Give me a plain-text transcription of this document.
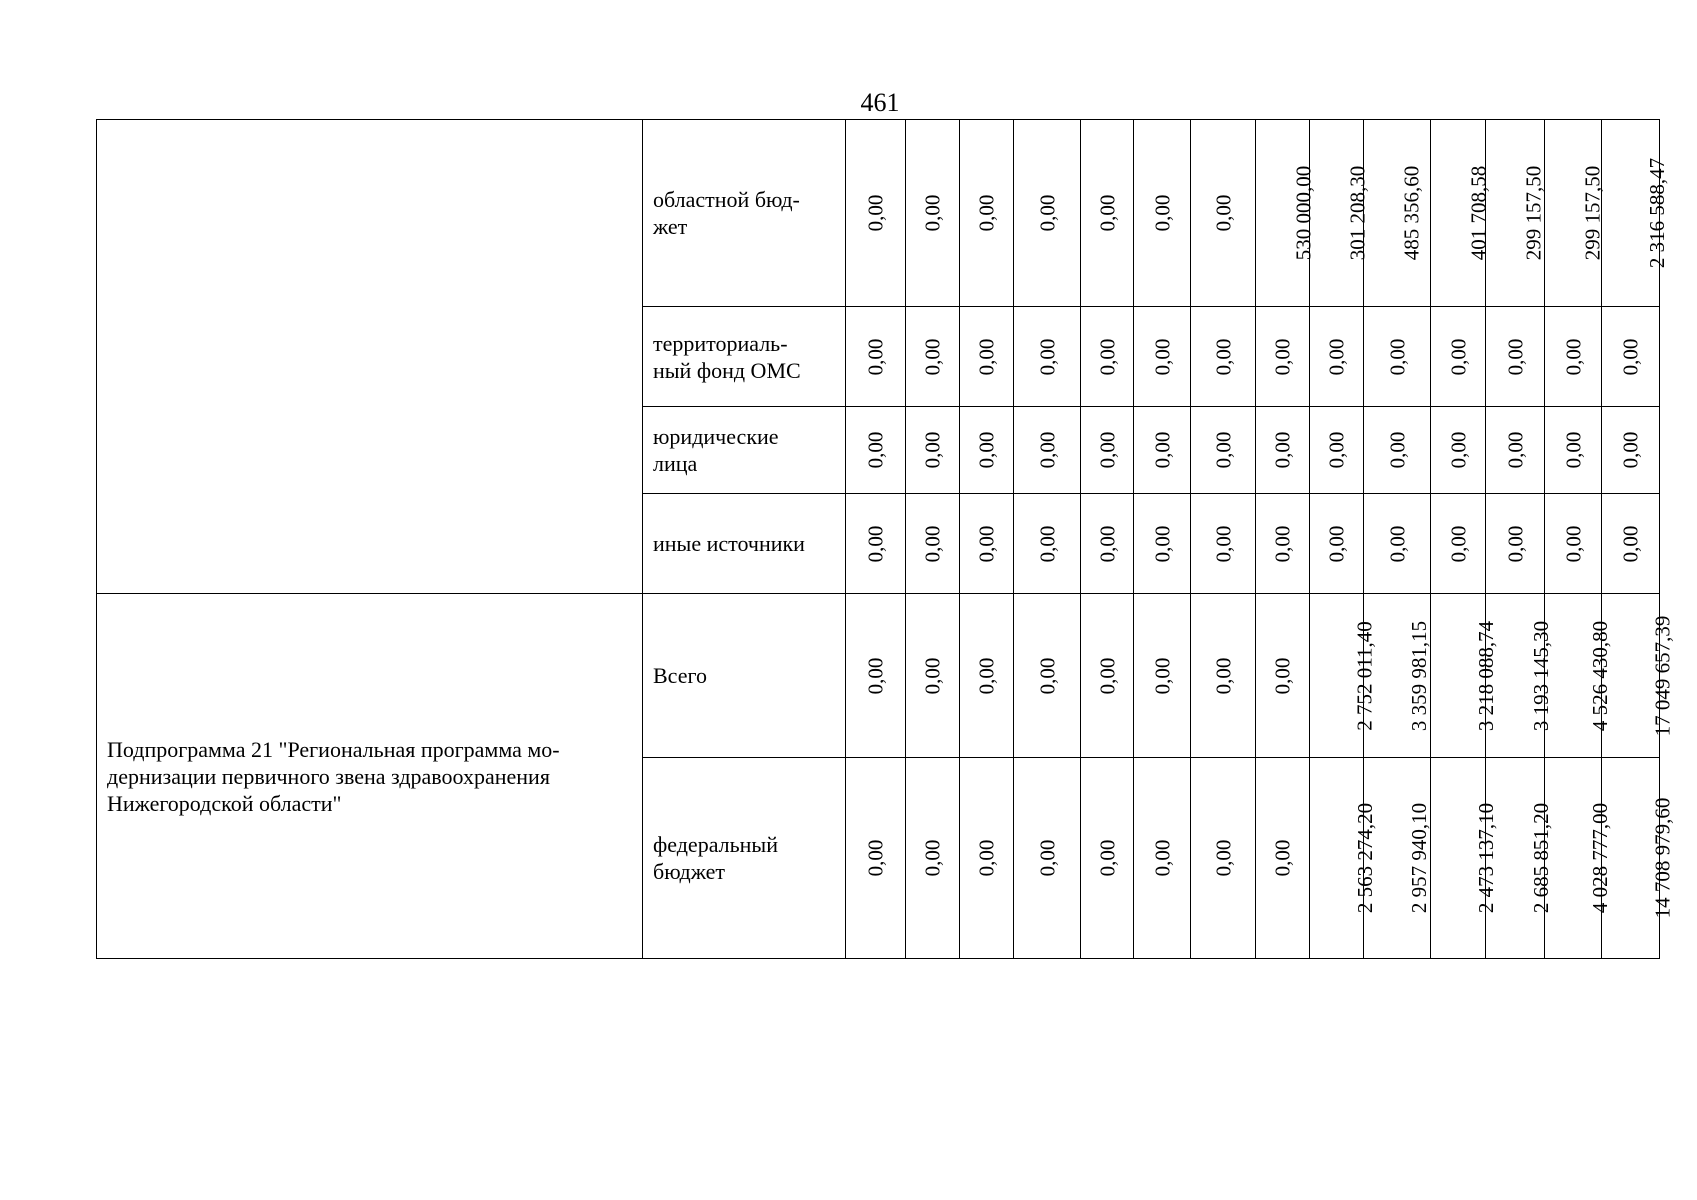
461
	областной бюд-
жет	0,00	0,00	0,00	0,00	0,00	0,00	0,00	530 000,00	301 208,30	485 356,60	401 708,58	299 157,50	299 157,50	2 316 588,47
	территориаль-
ный фонд ОМС	0,00	0,00	0,00	0,00	0,00	0,00	0,00	0,00	0,00	0,00	0,00	0,00	0,00	0,00
	юридические
лица	0,00	0,00	0,00	0,00	0,00	0,00	0,00	0,00	0,00	0,00	0,00	0,00	0,00	0,00
	иные источники	0,00	0,00	0,00	0,00	0,00	0,00	0,00	0,00	0,00	0,00	0,00	0,00	0,00	0,00
Подпрограмма 21 "Региональная программа мо-
дернизации первичного звена здравоохранения
Нижегородской области"	Всего	0,00	0,00	0,00	0,00	0,00	0,00	0,00	0,00	2 752 011,40	3 359 981,15	3 218 088,74	3 193 145,30	4 526 430,80	17 049 657,39
	федеральный
бюджет	0,00	0,00	0,00	0,00	0,00	0,00	0,00	0,00	2 563 274,20	2 957 940,10	2 473 137,10	2 685 851,20	4 028 777,00	14 708 979,60
